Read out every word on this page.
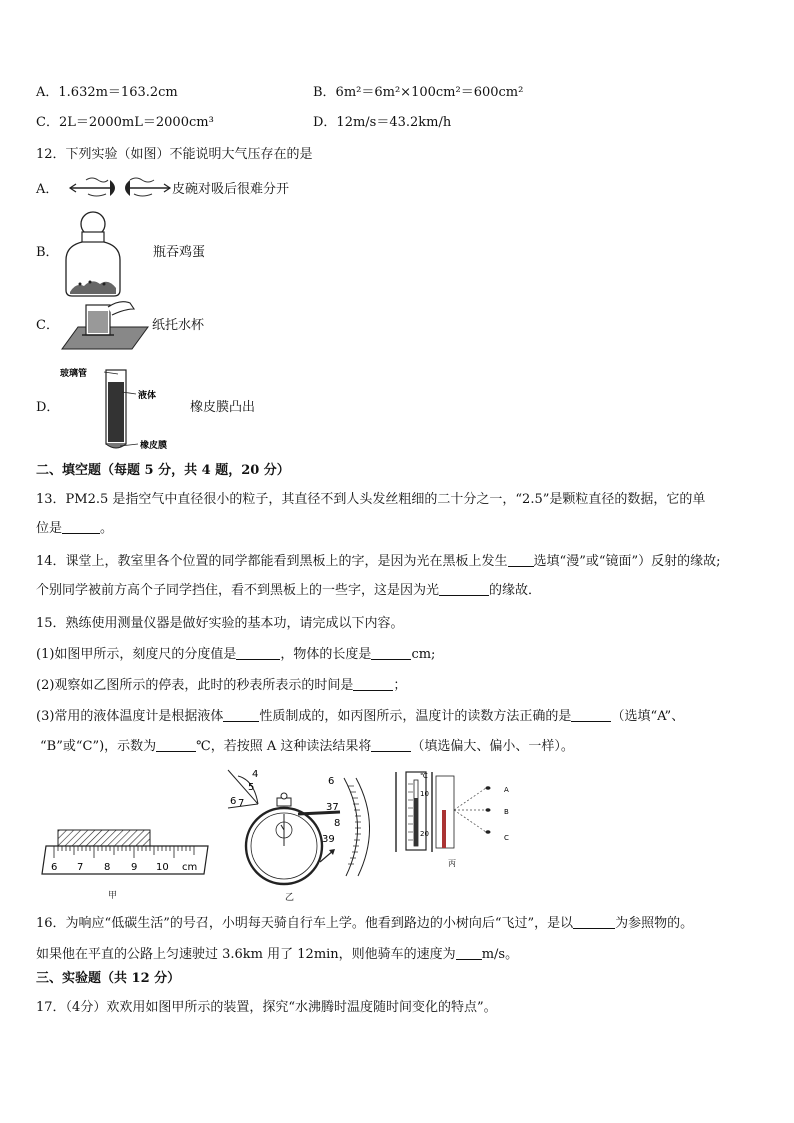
A．1.632m＝163.2cm	B．6m²＝6m²×100cm²＝600cm²
C．2L＝2000mL＝2000cm³	D．12m/s＝43.2km/h
12．下列实验（如图）不能说明大气压存在的是
A．	皮碗对吸后很难分开
B．	瓶吞鸡蛋
C．	纸托水杯
D．
玻璃管
液体
橡皮膜
橡皮膜凸出
二、填空题（每题 5 分，共 4 题，20 分）
13．PM2.5 是指空气中直径很小的粒子，其直径不到人头发丝粗细的二十分之一，“2.5”是颗粒直径的数据，它的单
位是	。
14．课堂上，教室里各个位置的同学都能看到黑板上的字，是因为光在黑板上发生 选填“漫”或“镜面”）反射的缘故;
个别同学被前方高个子同学挡住，看不到黑板上的一些字，这是因为光	的缘故．
15．熟练使用测量仪器是做好实验的基本功，请完成以下内容。
(1)如图甲所示，刻度尺的分度值是	，物体的长度是	cm;
(2)观察如乙图所示的停表，此时的秒表所表示的时间是	；
(3)常用的液体温度计是根据液体	性质制成的，如丙图所示，温度计的读数方法正确的是	（选填“A”、
“B”或“C”)，示数为	℃，若按照 A 这种读法结果将	（填选偏大、偏小、一样）。
6 7 8 9 10 cm
甲
4
5
6 7
6
37
8
39
乙
℃
10
20
A
B
C
丙
16．为响应“低碳生活”的号召，小明每天骑自行车上学。他看到路边的小树向后“飞过”，是以	为参照物的。
如果他在平直的公路上匀速驶过 3.6km 用了 12min，则他骑车的速度为 m/s。
三、实验题（共 12 分）
17．（4分）欢欢用如图甲所示的装置，探究“水沸腾时温度随时间变化的特点”。
